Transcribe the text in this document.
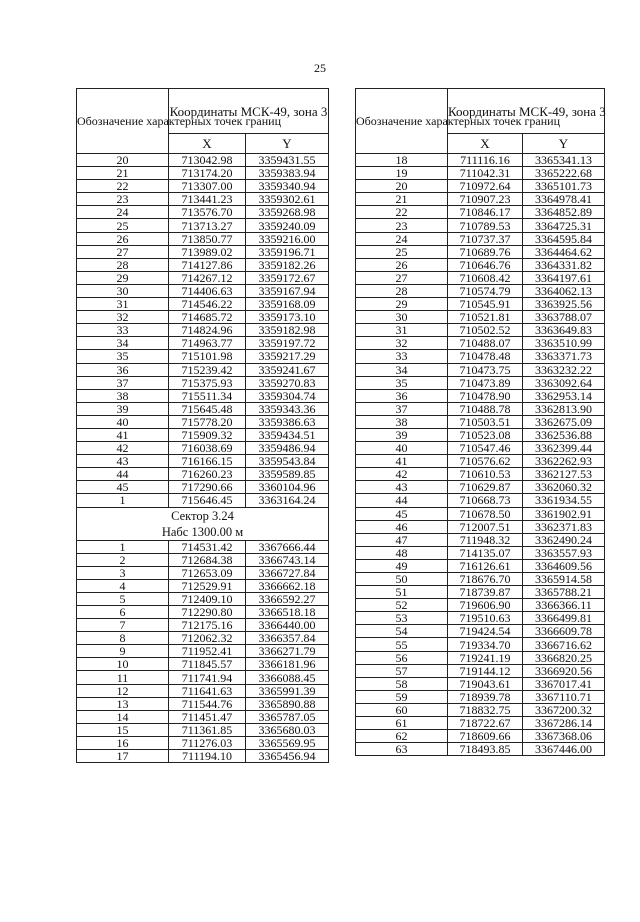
25
Обозначение характерных точек границ	Координаты МСК-49, зона 3	
	X	Y
20	713042.98	3359431.55
21	713174.20	3359383.94
22	713307.00	3359340.94
23	713441.23	3359302.61
24	713576.70	3359268.98
25	713713.27	3359240.09
26	713850.77	3359216.00
27	713989.02	3359196.71
28	714127.86	3359182.26
29	714267.12	3359172.67
30	714406.63	3359167.94
31	714546.22	3359168.09
32	714685.72	3359173.10
33	714824.96	3359182.98
34	714963.77	3359197.72
35	715101.98	3359217.29
36	715239.42	3359241.67
37	715375.93	3359270.83
38	715511.34	3359304.74
39	715645.48	3359343.36
40	715778.20	3359386.63
41	715909.32	3359434.51
42	716038.69	3359486.94
43	716166.15	3359543.84
44	716260.23	3359589.85
45	717290.66	3360104.96
1	715646.45	3363164.24
Сектор 3.24		
Набс 1300.00 м		
1	714531.42	3367666.44
2	712684.38	3366743.14
3	712653.09	3366727.84
4	712529.91	3366662.18
5	712409.10	3366592.27
6	712290.80	3366518.18
7	712175.16	3366440.00
8	712062.32	3366357.84
9	711952.41	3366271.79
10	711845.57	3366181.96
11	711741.94	3366088.45
12	711641.63	3365991.39
13	711544.76	3365890.88
14	711451.47	3365787.05
15	711361.85	3365680.03
16	711276.03	3365569.95
17	711194.10	3365456.94
Обозначение характерных точек границ	Координаты МСК-49, зона 3	
	X	Y
18	711116.16	3365341.13
19	711042.31	3365222.68
20	710972.64	3365101.73
21	710907.23	3364978.41
22	710846.17	3364852.89
23	710789.53	3364725.31
24	710737.37	3364595.84
25	710689.76	3364464.62
26	710646.76	3364331.82
27	710608.42	3364197.61
28	710574.79	3364062.13
29	710545.91	3363925.56
30	710521.81	3363788.07
31	710502.52	3363649.83
32	710488.07	3363510.99
33	710478.48	3363371.73
34	710473.75	3363232.22
35	710473.89	3363092.64
36	710478.90	3362953.14
37	710488.78	3362813.90
38	710503.51	3362675.09
39	710523.08	3362536.88
40	710547.46	3362399.44
41	710576.62	3362262.93
42	710610.53	3362127.53
43	710629.87	3362060.32
44	710668.73	3361934.55
45	710678.50	3361902.91
46	712007.51	3362371.83
47	711948.32	3362490.24
48	714135.07	3363557.93
49	716126.61	3364609.56
50	718676.70	3365914.58
51	718739.87	3365788.21
52	719606.90	3366366.11
53	719510.63	3366499.81
54	719424.54	3366609.78
55	719334.70	3366716.62
56	719241.19	3366820.25
57	719144.12	3366920.56
58	719043.61	3367017.41
59	718939.78	3367110.71
60	718832.75	3367200.32
61	718722.67	3367286.14
62	718609.66	3367368.06
63	718493.85	3367446.00
